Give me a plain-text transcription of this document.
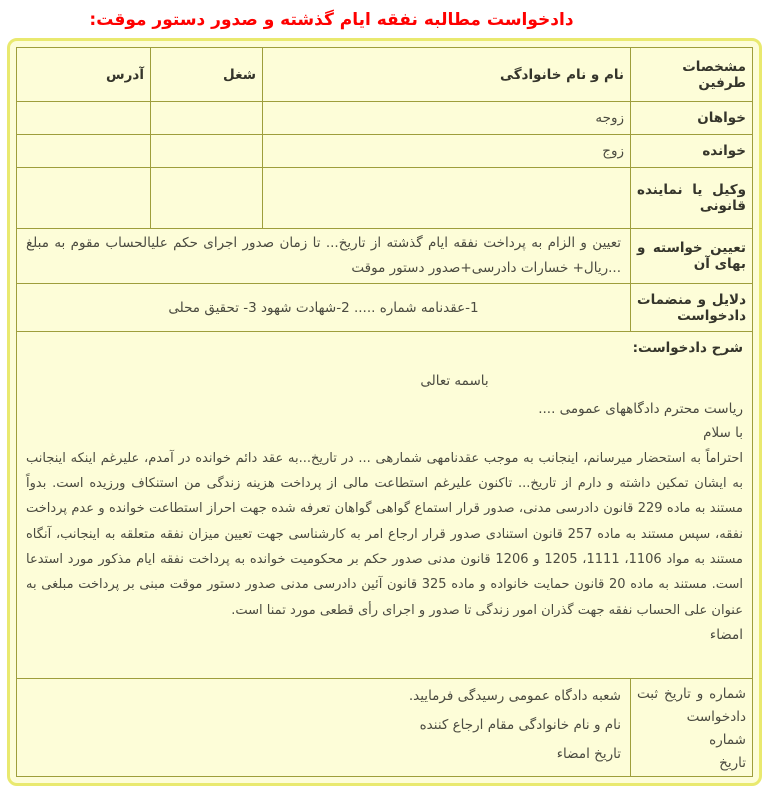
دادخواست مطالبه نفقه ایام گذشته و صدور دستور موقت:
مشخصات طرفین	نام و نام خانوادگی	شغل	آدرس
خواهان	زوجه		
خوانده	زوج		
وکیل یا نماینده قانونی			
تعیین خواسته و بهای آن	تعیین و الزام به پرداخت نفقه ایام گذشته از تاریخ... تا زمان صدور اجرای حکم علیالحساب مقوم به مبلغ ...ریال+ خسارات دادرسی+صدور دستور موقت		
دلایل و منضمات دادخواست	1-عقدنامه شماره ..... 2-شهادت شهود 3- تحقیق محلی		

شرح دادخواست:
باسمه تعالی
ریاست محترم دادگاههای عمومی ....
با سلام
احتراماً به استحضار میرسانم، اینجانب به موجب عقدنامهی شمارهی ... در تاریخ...به عقد دائم خوانده در آمدم، علیرغم اینکه اینجانب به ایشان تمکین داشته و دارم از تاریخ... تاکنون علیرغم استطاعت مالی از پرداخت هزینه زندگی من استنکاف ورزیده است. بدواً مستند به ماده 229 قانون دادرسی مدنی، صدور قرار استماع گواهی گواهان تعرفه شده جهت احراز استطاعت خوانده و عدم پرداخت نفقه، سپس مستند به ماده 257 قانون استنادی صدور قرار ارجاع امر به کارشناسی جهت تعیین میزان نفقه متعلقه به اینجانب، آنگاه مستند به مواد 1106، 1111، 1205 و 1206 قانون مدنی صدور حکم بر محکومیت خوانده به پرداخت نفقه ایام مذکور مورد استدعا است. مستند به ماده 20 قانون حمایت خانواده و ماده 325 قانون آئین دادرسی مدنی صدور دستور موقت مبنی بر پرداخت مبلغی به عنوان علی الحساب نفقه جهت گذران امور زندگی تا صدور و اجرای رأی قطعی مورد تمنا است.
امضاء

شماره و تاریخ ثبت دادخواست
شماره
تاریخ

شعبه دادگاه عمومی رسیدگی فرمایید.
نام و نام خانوادگی مقام ارجاع کننده
تاریخ امضاء
